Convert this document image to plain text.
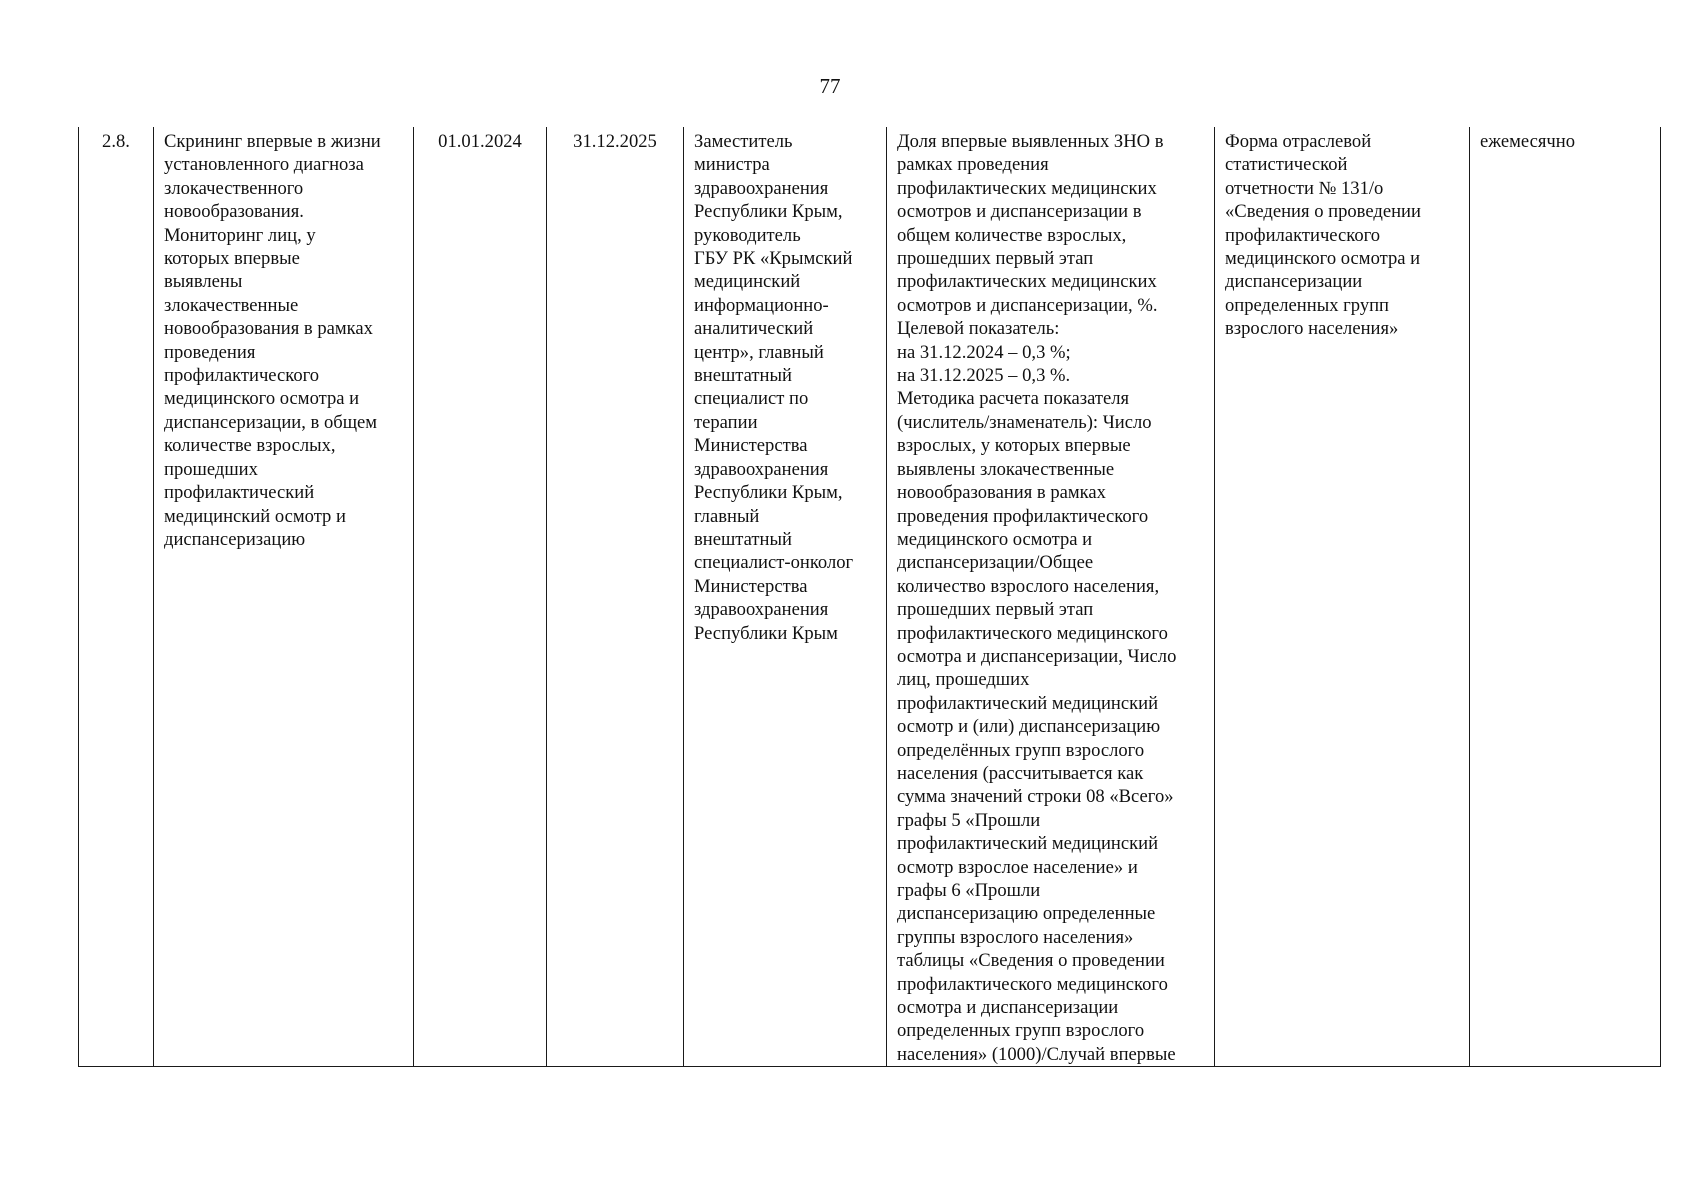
77
2.8.	Скрининг впервые в жизни
установленного диагноза
злокачественного
новообразования.
Мониторинг лиц, у
которых впервые
выявлены
злокачественные
новообразования в рамках
проведения
профилактического
медицинского осмотра и
диспансеризации, в общем
количестве взрослых,
прошедших
профилактический
медицинский осмотр и
диспансеризацию	01.01.2024	31.12.2025	Заместитель
министра
здравоохранения
Республики Крым,
руководитель
ГБУ РК «Крымский
медицинский
информационно-
аналитический
центр», главный
внештатный
специалист по
терапии
Министерства
здравоохранения
Республики Крым,
главный
внештатный
специалист-онколог
Министерства
здравоохранения
Республики Крым	Доля впервые выявленных ЗНО в
рамках проведения
профилактических медицинских
осмотров и диспансеризации в
общем количестве взрослых,
прошедших первый этап
профилактических медицинских
осмотров и диспансеризации, %.
Целевой показатель:
на 31.12.2024 – 0,3 %;
на 31.12.2025 – 0,3 %.
Методика расчета показателя
(числитель/знаменатель): Число
взрослых, у которых впервые
выявлены злокачественные
новообразования в рамках
проведения профилактического
медицинского осмотра и
диспансеризации/Общее
количество взрослого населения,
прошедших первый этап
профилактического медицинского
осмотра и диспансеризации, Число
лиц, прошедших
профилактический медицинский
осмотр и (или) диспансеризацию
определённых групп взрослого
населения (рассчитывается как
сумма значений строки 08 «Всего»
графы 5 «Прошли
профилактический медицинский
осмотр взрослое население» и
графы 6 «Прошли
диспансеризацию определенные
группы взрослого населения»
таблицы «Сведения о проведении
профилактического медицинского
осмотра и диспансеризации
определенных групп взрослого
населения» (1000)/Случай впервые	Форма отраслевой
статистической
отчетности № 131/о
«Сведения о проведении
профилактического
медицинского осмотра и
диспансеризации
определенных групп
взрослого населения»	ежемесячно
